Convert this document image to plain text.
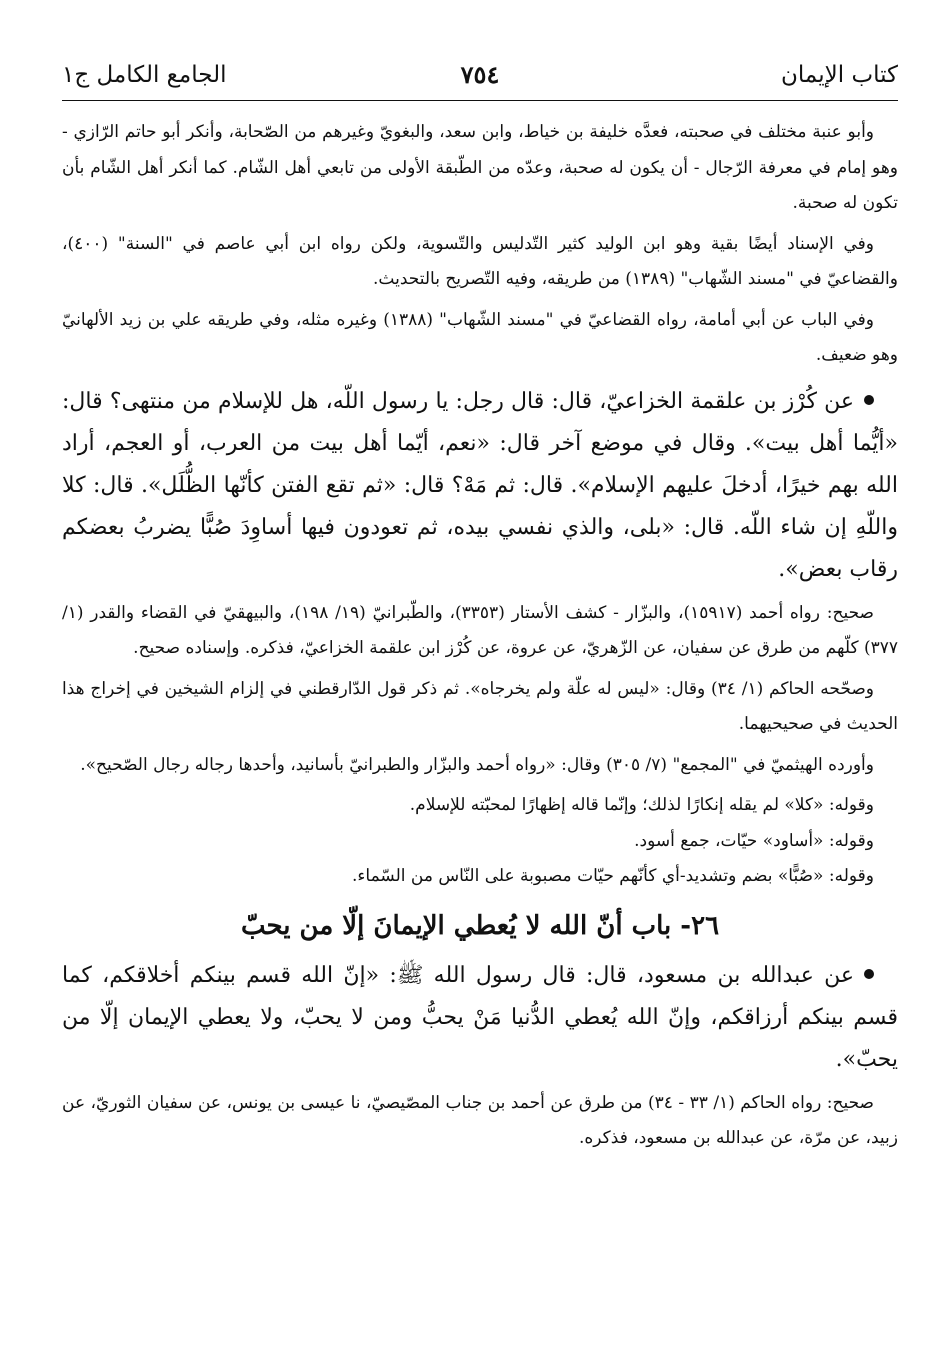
كتاب الإيمان
٧٥٤
الجامع الكامل ج١

وأبو عنبة مختلف في صحبته، فعدَّه خليفة بن خياط، وابن سعد، والبغويّ وغيرهم من الصّحابة، وأنكر أبو حاتم الرّازي - وهو إمام في معرفة الرّجال - أن يكون له صحبة، وعدّه من الطّبقة الأولى من تابعي أهل الشّام. كما أنكر أهل الشّام بأن تكون له صحبة.

وفي الإسناد أيضًا بقية وهو ابن الوليد كثير التّدليس والتّسوية، ولكن رواه ابن أبي عاصم في "السنة" (٤٠٠)، والقضاعيّ في "مسند الشّهاب" (١٣٨٩) من طريقه، وفيه التّصريح بالتحديث.

وفي الباب عن أبي أمامة، رواه القضاعيّ في "مسند الشّهاب" (١٣٨٨) وغيره مثله، وفي طريقه علي بن زيد الألهانيّ وهو ضعيف.

عن كُرْز بن علقمة الخزاعيّ، قال: قال رجل: يا رسول اللّه، هل للإسلام من منتهى؟ قال: «أيُّما أهل بيت». وقال في موضع آخر قال: «نعم، أيّما أهل بيت من العرب، أو العجم، أراد الله بهم خيرًا، أدخلَ عليهم الإسلام». قال: ثم مَهْ؟ قال: «ثم تقع الفتن كأنّها الظُّلَل». قال: كلا واللّهِ إن شاء اللّه. قال: «بلى، والذي نفسي بيده، ثم تعودون فيها أساوِدَ صُبًّا يضربُ بعضكم رقاب بعض».

صحيح: رواه أحمد (١٥٩١٧)، والبزّار - كشف الأستار (٣٣٥٣)، والطّبرانيّ (١٩/ ١٩٨)، والبيهقيّ في القضاء والقدر (١/ ٣٧٧) كلّهم من طرق عن سفيان، عن الزّهريّ، عن عروة، عن كُرْز ابن علقمة الخزاعيّ، فذكره. وإسناده صحيح.

وصحّحه الحاكم (١/ ٣٤) وقال: «ليس له علّة ولم يخرجاه». ثم ذكر قول الدّارقطني في إلزام الشيخين في إخراج هذا الحديث في صحيحيهما.

وأورده الهيثميّ في "المجمع" (٧/ ٣٠٥) وقال: «رواه أحمد والبزّار والطبرانيّ بأسانيد، وأحدها رجاله رجال الصّحيح».

وقوله: «كلا» لم يقله إنكارًا لذلك؛ وإنّما قاله إظهارًا لمحبّته للإسلام.

وقوله: «أساود» حيّات، جمع أسود.

وقوله: «صُبًّا» بضم وتشديد-أي كأنّهم حيّات مصبوبة على النّاس من السّماء.

٢٦- باب أنّ الله لا يُعطي الإيمانَ إلّا من يحبّ

عن عبدالله بن مسعود، قال: قال رسول الله ﷺ: «إنّ الله قسم بينكم أخلاقكم، كما قسم بينكم أرزاقكم، وإنّ الله يُعطي الدُّنيا مَنْ يحبُّ ومن لا يحبّ، ولا يعطي الإيمان إلّا من يحبّ».

صحيح: رواه الحاكم (١/ ٣٣ - ٣٤) من طرق عن أحمد بن جناب المصّيصيّ، نا عيسى بن يونس، عن سفيان الثوريّ، عن زبيد، عن مرّة، عن عبدالله بن مسعود، فذكره.
